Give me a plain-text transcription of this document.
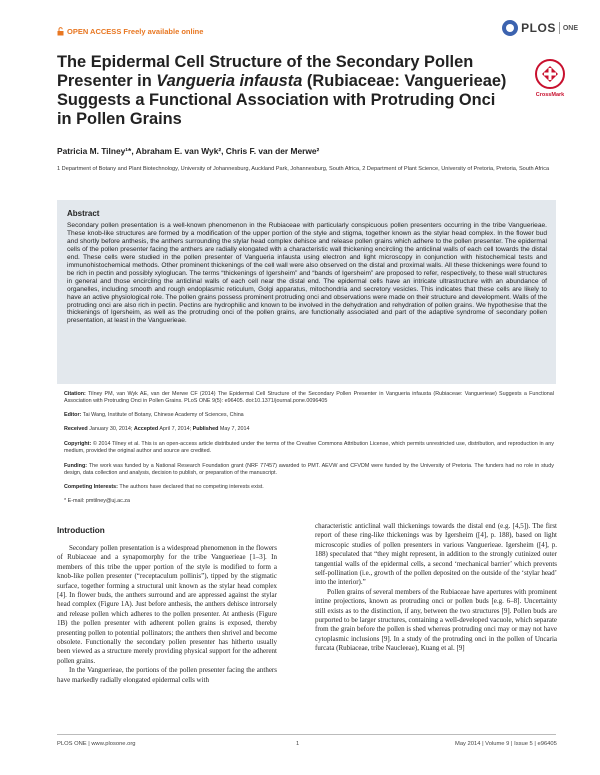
OPEN ACCESS Freely available online	PLOS ONE
The Epidermal Cell Structure of the Secondary Pollen Presenter in Vangueria infausta (Rubiaceae: Vanguerieae) Suggests a Functional Association with Protruding Onci in Pollen Grains
CrossMark
Patricia M. Tilney¹*, Abraham E. van Wyk², Chris F. van der Merwe²
1 Department of Botany and Plant Biotechnology, University of Johannesburg, Auckland Park, Johannesburg, South Africa, 2 Department of Plant Science, University of Pretoria, Pretoria, South Africa
Abstract
Secondary pollen presentation is a well-known phenomenon in the Rubiaceae with particularly conspicuous pollen presenters occurring in the tribe Vanguerieae. These knob-like structures are formed by a modification of the upper portion of the style and stigma, together known as the stylar head complex. In the flower bud and shortly before anthesis, the anthers surrounding the stylar head complex dehisce and release pollen grains which adhere to the pollen presenter. The epidermal cells of the pollen presenter facing the anthers are radially elongated with a characteristic wall thickening encircling the anticlinal walls of each cell towards the distal end. These cells were studied in the pollen presenter of Vangueria infausta using electron and light microscopy in conjunction with histochemical tests and immunohistochemical methods. Other prominent thickenings of the cell wall were also observed on the distal and proximal walls. All these thickenings were found to be rich in pectin and possibly xyloglucan. The terms “thickenings of Igersheim” and “bands of Igersheim” are proposed to refer, respectively, to these wall structures in general and those encircling the anticlinal walls of each cell near the distal end. The epidermal cells have an intricate ultrastructure with an abundance of organelles, including smooth and rough endoplasmic reticulum, Golgi apparatus, mitochondria and secretory vesicles. This indicates that these cells are likely to have an active physiological role. The pollen grains possess prominent protruding onci and observations were made on their structure and development. Walls of the protruding onci are also rich in pectin. Pectins are hydrophilic and known to be involved in the dehydration and rehydration of pollen grains. We hypothesise that the thickenings of Igersheim, as well as the protruding onci of the pollen grains, are functionally associated and part of the adaptive syndrome of secondary pollen presentation, at least in the Vanguerieae.
Citation: Tilney PM, van Wyk AE, van der Merwe CF (2014) The Epidermal Cell Structure of the Secondary Pollen Presenter in Vangueria infausta (Rubiaceae: Vanguerieae) Suggests a Functional Association with Protruding Onci in Pollen Grains. PLoS ONE 9(5): e96405. doi:10.1371/journal.pone.0096405
Editor: Tai Wang, Institute of Botany, Chinese Academy of Sciences, China
Received January 30, 2014; Accepted April 7, 2014; Published May 7, 2014
Copyright: © 2014 Tilney et al. This is an open-access article distributed under the terms of the Creative Commons Attribution License, which permits unrestricted use, distribution, and reproduction in any medium, provided the original author and source are credited.
Funding: The work was funded by a National Research Foundation grant (NRF 77457) awarded to PMT. AEVW and CFVDM were funded by the University of Pretoria. The funders had no role in study design, data collection and analysis, decision to publish, or preparation of the manuscript.
Competing Interests: The authors have declared that no competing interests exist.
* E-mail: pmtilney@uj.ac.za
Introduction

Secondary pollen presentation is a widespread phenomenon in the flowers of Rubiaceae and a synapomorphy for the tribe Vanguerieae [1–3]. In members of this tribe the upper portion of the style is modified to form a knob-like pollen presenter (“receptaculum pollinis”), tipped by the stigmatic surface, together forming a structural unit known as the stylar head complex [4]. In flower buds, the anthers surround and are appressed against the stylar head complex (Figure 1A). Just before anthesis, the anthers dehisce introrsely and release pollen which adheres to the pollen presenter. At anthesis (Figure 1B) the pollen presenter with adherent pollen grains is exposed, thereby presenting pollen to potential pollinators; the anthers then shrivel and become obsolete. Functionally the secondary pollen presenter has hitherto usually been viewed as a structure merely providing physical support for the adherent pollen grains.

In the Vanguerieae, the portions of the pollen presenter facing the anthers have markedly radially elongated epidermal cells with

characteristic anticlinal wall thickenings towards the distal end (e.g. [4,5]). The first report of these ring-like thickenings was by Igersheim ([4], p. 188), based on light microscopic studies of pollen presenters in various Vanguerieae. Igersheim ([4], p. 188) speculated that “they might represent, in addition to the strongly cutinized outer tangential walls of the epidermal cells, a second ‘mechanical barrier’ which prevents self-pollination (i.e., growth of the pollen deposited on the outside of the ‘stylar head’ into the interior).”

Pollen grains of several members of the Rubiaceae have apertures with prominent intine projections, known as protruding onci or pollen buds [e.g. 6–8]. Uncertainty still exists as to the distinction, if any, between the two structures [9]. Pollen buds are purported to be larger structures, containing a well-developed vacuole, which separate from the grain before the pollen is shed whereas protruding onci may or may not have cytoplasmic inclusions [9]. In a study of the protruding onci in the pollen of Uncaria furcata (Rubiaceae, tribe Naucleeae), Kuang et al. [9]

PLOS ONE | www.plosone.org	1	May 2014 | Volume 9 | Issue 5 | e96405
